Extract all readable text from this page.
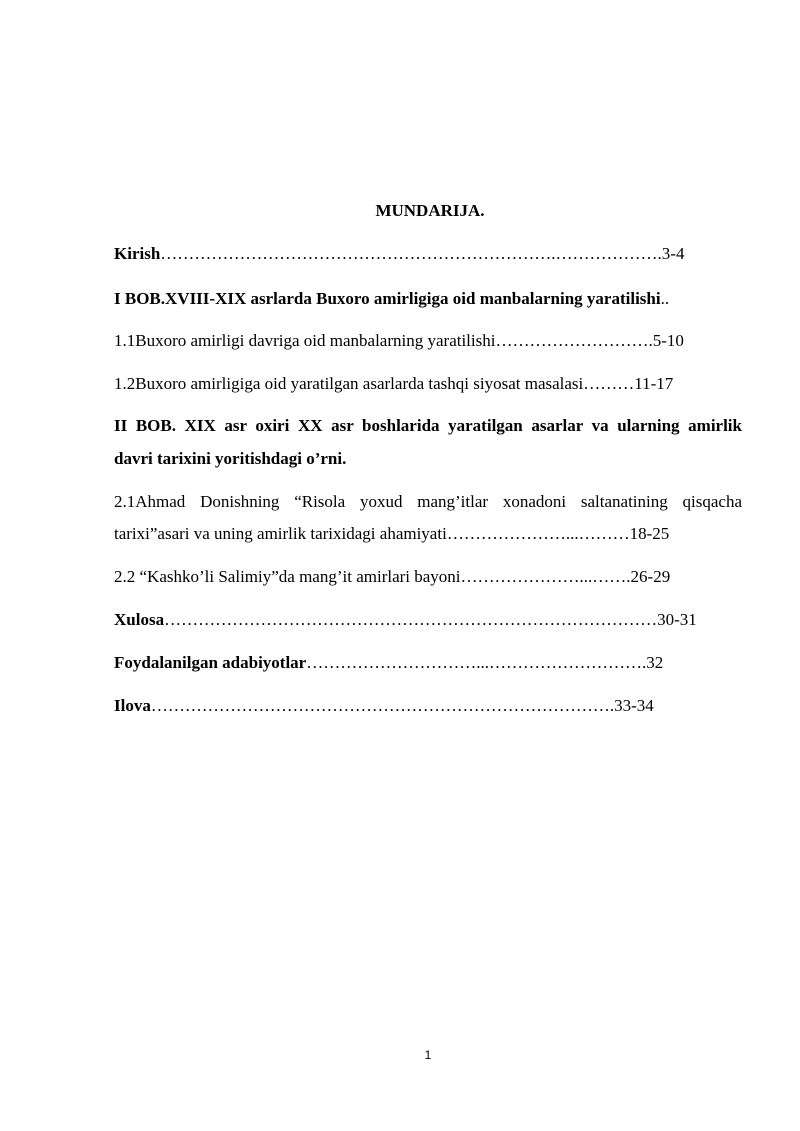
MUNDARIJA.
Kirish…………………………………………………………….……………….3-4
I BOB.XVIII-XIX asrlarda Buxoro amirligiga oid manbalarning yaratilishi..
1.1Buxoro amirligi davriga oid manbalarning yaratilishi……………………….5-10
1.2Buxoro amirligiga oid yaratilgan asarlarda tashqi siyosat masalasi………11-17
II BOB. XIX asr oxiri XX asr boshlarida yaratilgan asarlar va ularning amirlik
davri tarixini yoritishdagi o’rni.
2.1Ahmad Donishning “Risola yoxud mang’itlar xonadoni saltanatining qisqacha
tarixi”asari va uning amirlik tarixidagi ahamiyati…………………...………18-25
2.2 “Kashko’li Salimiy”da mang’it amirlari bayoni…………………...…….26-29
Xulosa……………………………………………………………………………30-31
Foydalanilgan adabiyotlar…………………………...……………………….32
Ilova……………………………………………………………………….33-34
1
